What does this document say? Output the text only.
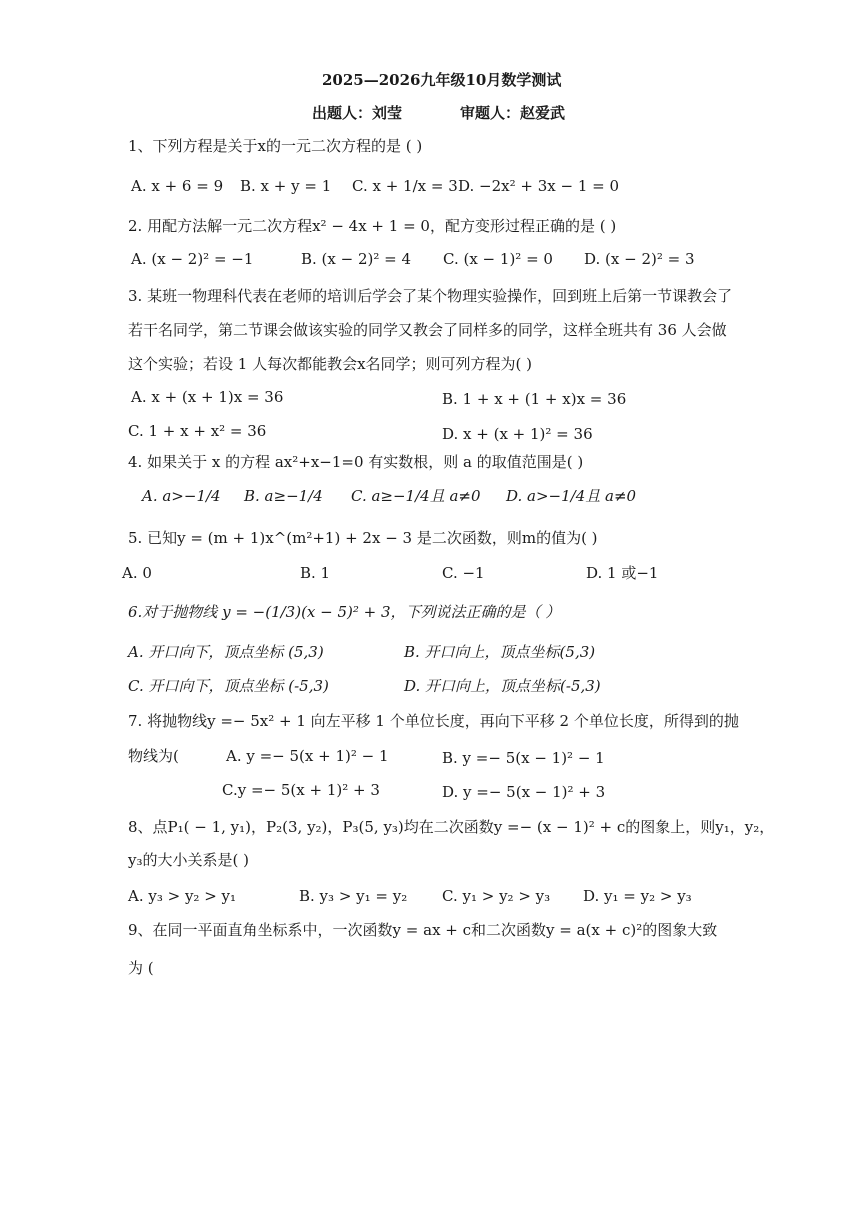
2025—2026九年级10月数学测试
出题人：刘莹	审题人：赵爱武
1、下列方程是关于x的一元二次方程的是 ( )
A. x + 6 = 9 B. x + y = 1 C. x + 1/x = 3 D. −2x² + 3x − 1 = 0
2. 用配方法解一元二次方程x² − 4x + 1 = 0，配方变形过程正确的是 ( )
A. (x − 2)² = −1	B. (x − 2)² = 4 C. (x − 1)² = 0 D. (x − 2)² = 3
3. 某班一物理科代表在老师的培训后学会了某个物理实验操作，回到班上后第一节课教会了
若干名同学，第二节课会做该实验的同学又教会了同样多的同学，这样全班共有 36 人会做
这个实验；若设 1 人每次都能教会x名同学；则可列方程为( )
A. x + (x + 1)x = 36	B. 1 + x + (1 + x)x = 36
C. 1 + x + x² = 36	D. x + (x + 1)² = 36
4. 如果关于 x 的方程 ax²+x−1=0 有实数根，则 a 的取值范围是( )
A. a>−1/4 B. a≥−1/4 C. a≥−1/4且 a≠0 D. a>−1/4且 a≠0
5. 已知y = (m + 1)x^(m²+1) + 2x − 3 是二次函数，则m的值为( )
A. 0	B. 1	C. −1	D. 1 或−1
6.对于抛物线 y = −(1/3)(x − 5)² + 3，下列说法正确的是（ ）
A. 开口向下，顶点坐标 (5,3)	B. 开口向上，顶点坐标(5,3)
C. 开口向下，顶点坐标 (-5,3)	D. 开口向上，顶点坐标(-5,3)
7. 将抛物线y =− 5x² + 1 向左平移 1 个单位长度，再向下平移 2 个单位长度，所得到的抛
物线为(	A. y =− 5(x + 1)² − 1	B. y =− 5(x − 1)² − 1
C.y =− 5(x + 1)² + 3	D. y =− 5(x − 1)² + 3
8、点P₁( − 1, y₁)，P₂(3, y₂)，P₃(5, y₃)均在二次函数y =− (x − 1)² + c的图象上，则y₁，y₂，
y₃的大小关系是( )
A. y₃ > y₂ > y₁	B. y₃ > y₁ = y₂ C. y₁ > y₂ > y₃ D. y₁ = y₂ > y₃
9、在同一平面直角坐标系中，一次函数y = ax + c和二次函数y = a(x + c)²的图象大致
为 (
